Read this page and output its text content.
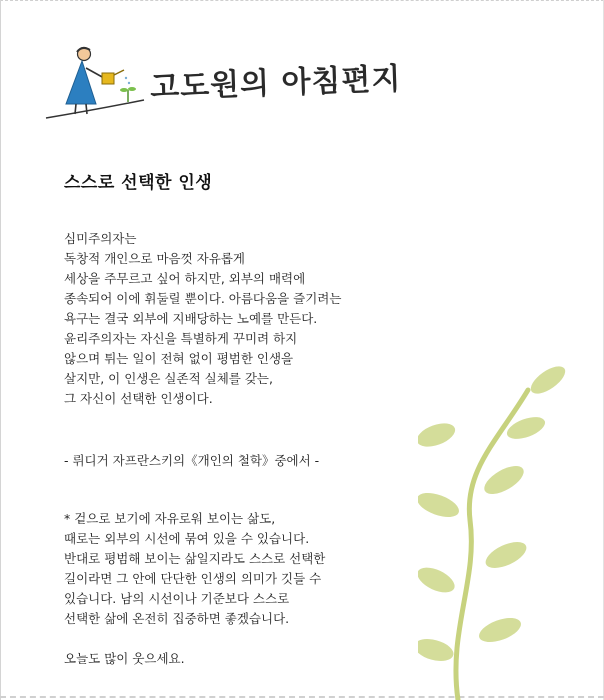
고도원의 아침편지
스스로 선택한 인생
심미주의자는
독창적 개인으로 마음껏 자유롭게
세상을 주무르고 싶어 하지만, 외부의 매력에
종속되어 이에 휘둘릴 뿐이다. 아름다움을 즐기려는
욕구는 결국 외부에 지배당하는 노예를 만든다.
윤리주의자는 자신을 특별하게 꾸미려 하지
않으며 튀는 일이 전혀 없이 평범한 인생을
살지만, 이 인생은 실존적 실체를 갖는,
그 자신이 선택한 인생이다.
- 뤼디거 자프란스키의《개인의 철학》중에서 -
* 겉으로 보기에 자유로워 보이는 삶도,
때로는 외부의 시선에 묶여 있을 수 있습니다.
반대로 평범해 보이는 삶일지라도 스스로 선택한
길이라면 그 안에 단단한 인생의 의미가 깃들 수
있습니다. 남의 시선이나 기준보다 스스로
선택한 삶에 온전히 집중하면 좋겠습니다.
오늘도 많이 웃으세요.
